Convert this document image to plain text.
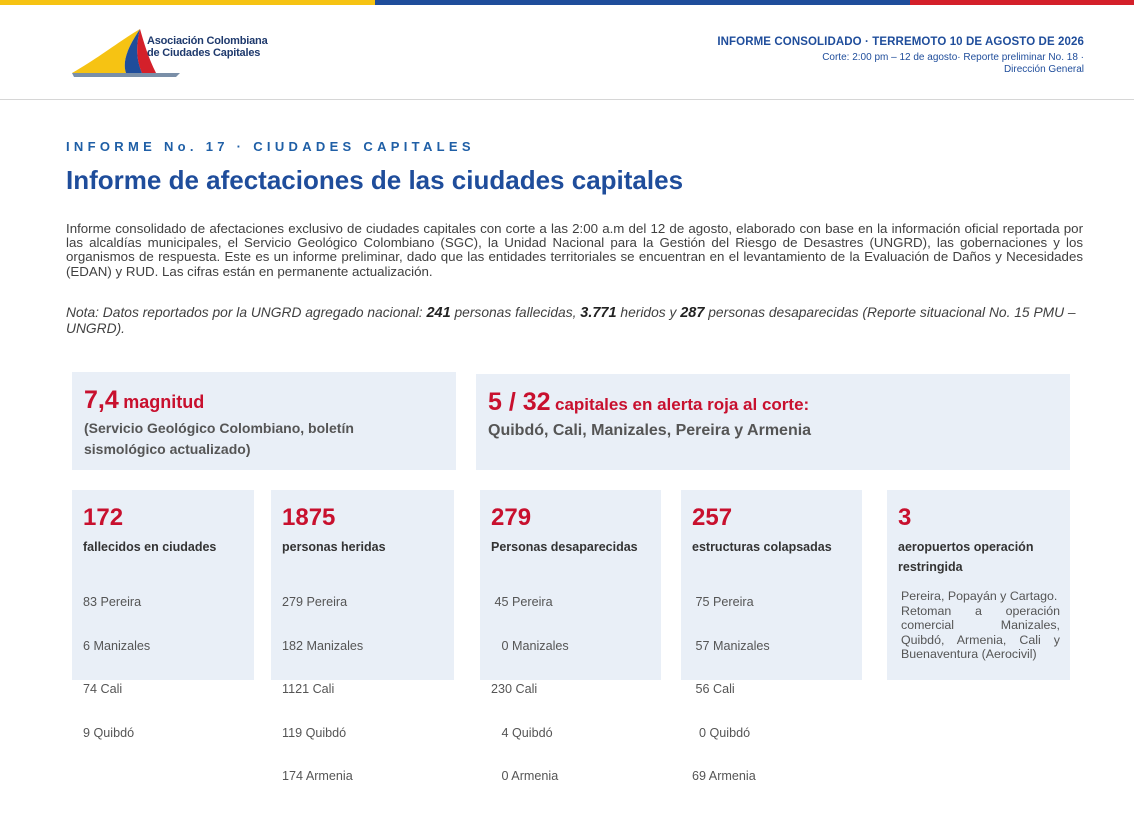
Asociación Colombiana
de Ciudades Capitales
INFORME CONSOLIDADO · TERREMOTO 10 DE AGOSTO DE 2026
Corte: 2:00 pm – 12 de agosto· Reporte preliminar No. 18 ·
Dirección General
INFORME No. 17 · CIUDADES CAPITALES
Informe de afectaciones de las ciudades capitales
Informe consolidado de afectaciones exclusivo de ciudades capitales con corte a las 2:00 a.m del 12 de agosto, elaborado con base en la información oficial reportada por las alcaldías municipales, el Servicio Geológico Colombiano (SGC), la Unidad Nacional para la Gestión del Riesgo de Desastres (UNGRD), las gobernaciones y los organismos de respuesta. Este es un informe preliminar, dado que las entidades territoriales se encuentran en el levantamiento de la Evaluación de Daños y Necesidades (EDAN) y RUD. Las cifras están en permanente actualización.
Nota: Datos reportados por la UNGRD agregado nacional: 241 personas fallecidas, 3.771 heridos y 287 personas desaparecidas (Reporte situacional No. 15 PMU – UNGRD).
7,4 magnitud
(Servicio Geológico Colombiano, boletín sismológico actualizado)
5 / 32 capitales en alerta roja al corte:
Quibdó, Cali, Manizales, Pereira y Armenia
172
fallecidos en ciudades

83 Pereira

6 Manizales

74 Cali

9 Quibdó

1875
personas heridas

279 Pereira

182 Manizales

1121 Cali

119 Quibdó

174 Armenia

279
Personas desaparecidas

45 Pereira

0 Manizales

230 Cali

4 Quibdó

0 Armenia

257
estructuras colapsadas

75 Pereira

57 Manizales

56 Cali

0 Quibdó

69 Armenia

3
aeropuertos operación restringida
Pereira, Popayán y Cartago.
Retoman a operación comercial Manizales, Quibdó, Armenia, Cali y Buenaventura (Aerocivil)
